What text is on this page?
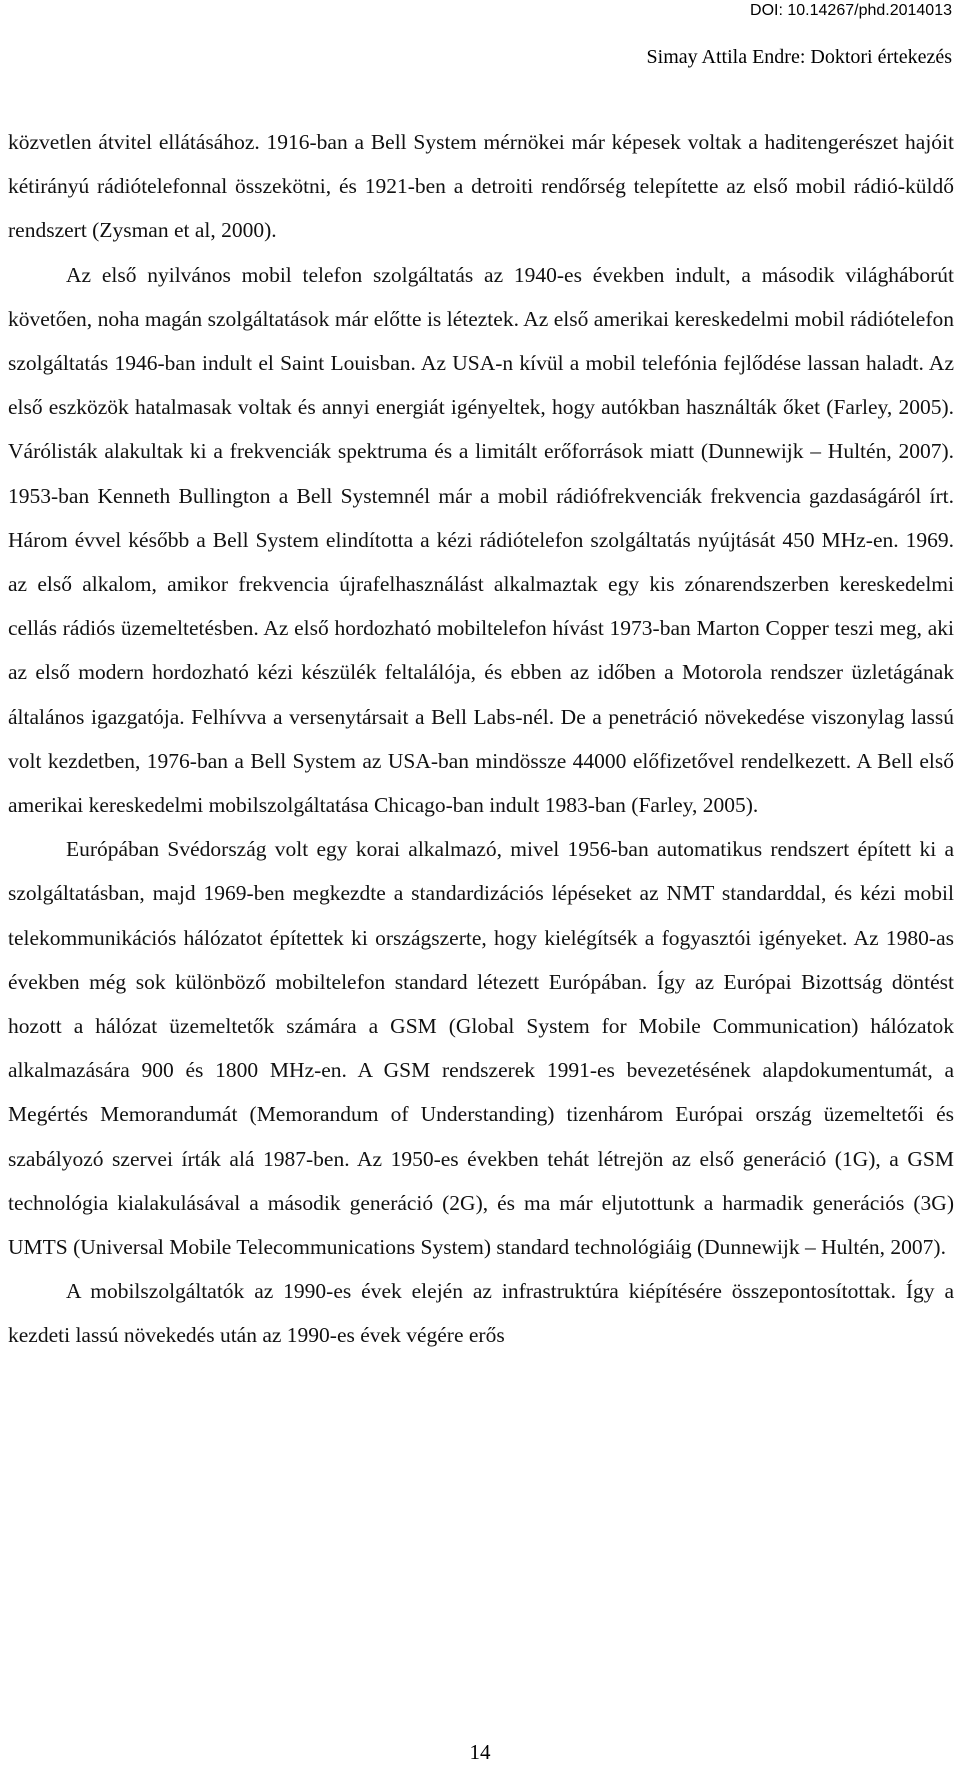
DOI: 10.14267/phd.2014013
Simay Attila Endre: Doktori értekezés

közvetlen átvitel ellátásához. 1916-ban a Bell System mérnökei már képesek voltak a haditengerészet hajóit kétirányú rádiótelefonnal összekötni, és 1921-ben a detroiti rendőrség telepítette az első mobil rádió-küldő rendszert (Zysman et al, 2000).

Az első nyilvános mobil telefon szolgáltatás az 1940-es években indult, a második világháborút követően, noha magán szolgáltatások már előtte is léteztek. Az első amerikai kereskedelmi mobil rádiótelefon szolgáltatás 1946-ban indult el Saint Louisban. Az USA-n kívül a mobil telefónia fejlődése lassan haladt. Az első eszközök hatalmasak voltak és annyi energiát igényeltek, hogy autókban használták őket (Farley, 2005). Várólisták alakultak ki a frekvenciák spektruma és a limitált erőforrások miatt (Dunnewijk – Hultén, 2007). 1953-ban Kenneth Bullington a Bell Systemnél már a mobil rádiófrekvenciák frekvencia gazdaságáról írt. Három évvel később a Bell System elindította a kézi rádiótelefon szolgáltatás nyújtását 450 MHz-en. 1969. az első alkalom, amikor frekvencia újrafelhasználást alkalmaztak egy kis zónarendszerben kereskedelmi cellás rádiós üzemeltetésben. Az első hordozható mobiltelefon hívást 1973-ban Marton Copper teszi meg, aki az első modern hordozható kézi készülék feltalálója, és ebben az időben a Motorola rendszer üzletágának általános igazgatója. Felhívva a versenytársait a Bell Labs-nél. De a penetráció növekedése viszonylag lassú volt kezdetben, 1976-ban a Bell System az USA-ban mindössze 44000 előfizetővel rendelkezett. A Bell első amerikai kereskedelmi mobilszolgáltatása Chicago-ban indult 1983-ban (Farley, 2005).

Európában Svédország volt egy korai alkalmazó, mivel 1956-ban automatikus rendszert épített ki a szolgáltatásban, majd 1969-ben megkezdte a standardizációs lépéseket az NMT standarddal, és kézi mobil telekommunikációs hálózatot építettek ki országszerte, hogy kielégítsék a fogyasztói igényeket. Az 1980-as években még sok különböző mobiltelefon standard létezett Európában. Így az Európai Bizottság döntést hozott a hálózat üzemeltetők számára a GSM (Global System for Mobile Communication) hálózatok alkalmazására 900 és 1800 MHz-en. A GSM rendszerek 1991-es bevezetésének alapdokumentumát, a Megértés Memorandumát (Memorandum of Understanding) tizenhárom Európai ország üzemeltetői és szabályozó szervei írták alá 1987-ben. Az 1950-es években tehát létrejön az első generáció (1G), a GSM technológia kialakulásával a második generáció (2G), és ma már eljutottunk a harmadik generációs (3G) UMTS (Universal Mobile Telecommunications System) standard technológiáig (Dunnewijk – Hultén, 2007).

A mobilszolgáltatók az 1990-es évek elején az infrastruktúra kiépítésére összepontosítottak. Így a kezdeti lassú növekedés után az 1990-es évek végére erős

14
